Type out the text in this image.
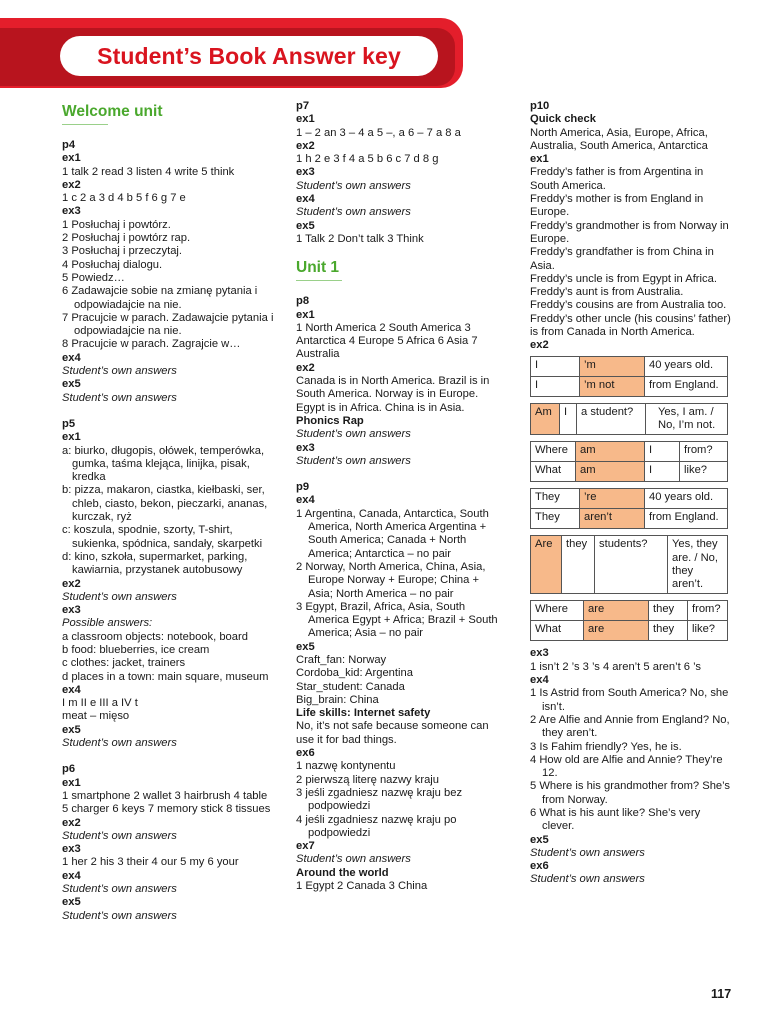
Student’s Book Answer key
Welcome unit
p4
ex1
1 talk 2 read 3 listen 4 write 5 think
ex2
1 c 2 a 3 d 4 b 5 f 6 g 7 e
ex3
1 Posłuchaj i powtórz.
2 Posłuchaj i powtórz rap.
3 Posłuchaj i przeczytaj.
4 Posłuchaj dialogu.
5 Powiedz…
6 Zadawajcie sobie na zmianę pytania i odpowiadajcie na nie.
7 Pracujcie w parach. Zadawajcie pytania i odpowiadajcie na nie.
8 Pracujcie w parach. Zagrajcie w…
ex4
Student’s own answers
ex5
Student’s own answers
p5
ex1
a: biurko, długopis, ołówek, temperówka, gumka, taśma klejąca, linijka, pisak, kredka
b: pizza, makaron, ciastka, kiełbaski, ser, chleb, ciasto, bekon, pieczarki, ananas, kurczak, ryż
c: koszula, spodnie, szorty, T-shirt, sukienka, spódnica, sandały, skarpetki
d: kino, szkoła, supermarket, parking, kawiarnia, przystanek autobusowy
ex2
Student’s own answers
ex3
Possible answers:
a classroom objects: notebook, board
b food: blueberries, ice cream
c clothes: jacket, trainers
d places in a town: main square, museum
ex4
I m II e III a IV t
meat – mięso
ex5
Student’s own answers
p6
ex1
1 smartphone 2 wallet 3 hairbrush 4 table 5 charger 6 keys 7 memory stick 8 tissues
ex2
Student’s own answers
ex3
1 her 2 his 3 their 4 our 5 my 6 your
ex4
Student’s own answers
ex5
Student’s own answers
p7
ex1
1 – 2 an 3 – 4 a 5 –, a 6 – 7 a 8 a
ex2
1 h 2 e 3 f 4 a 5 b 6 c 7 d 8 g
ex3
Student’s own answers
ex4
Student’s own answers
ex5
1 Talk 2 Don’t talk 3 Think
Unit 1
p8
ex1
1 North America 2 South America 3 Antarctica 4 Europe 5 Africa 6 Asia 7 Australia
ex2
Canada is in North America. Brazil is in South America. Norway is in Europe. Egypt is in Africa. China is in Asia.
Phonics Rap
Student’s own answers
ex3
Student’s own answers
p9
ex4
1 Argentina, Canada, Antarctica, South America, North America Argentina + South America; Canada + North America; Antarctica – no pair
2 Norway, North America, China, Asia, Europe Norway + Europe; China + Asia; North America – no pair
3 Egypt, Brazil, Africa, Asia, South America Egypt + Africa; Brazil + South America; Asia – no pair
ex5
Craft_fan: Norway
Cordoba_kid: Argentina
Star_student: Canada
Big_brain: China
Life skills: Internet safety
No, it’s not safe because someone can use it for bad things.
ex6
1 nazwę kontynentu
2 pierwszą literę nazwy kraju
3 jeśli zgadniesz nazwę kraju bez podpowiedzi
4 jeśli zgadniesz nazwę kraju po podpowiedzi
ex7
Student’s own answers
Around the world
1 Egypt 2 Canada 3 China
p10
Quick check
North America, Asia, Europe, Africa, Australia, South America, Antarctica
ex1
Freddy’s father is from Argentina in South America.
Freddy’s mother is from England in Europe.
Freddy’s grandmother is from Norway in Europe.
Freddy’s grandfather is from China in Asia.
Freddy’s uncle is from Egypt in Africa.
Freddy’s aunt is from Australia.
Freddy’s cousins are from Australia too.
Freddy’s other uncle (his cousins’ father) is from Canada in North America.
ex2
I	’m	40 years old.
I	’m not	from England.
Am	I	a student?	Yes, I am. / No, I’m not.
Where	am	I	from?
What	am	I	like?
They	’re	40 years old.
They	aren’t	from England.
Are	they	students?	Yes, they are. / No, they aren’t.
Where	are	they	from?
What	are	they	like?
ex3
1 isn’t 2 ’s 3 ’s 4 aren’t 5 aren’t 6 ’s
ex4
1 Is Astrid from South America? No, she isn’t.
2 Are Alfie and Annie from England? No, they aren’t.
3 Is Fahim friendly? Yes, he is.
4 How old are Alfie and Annie? They’re 12.
5 Where is his grandmother from? She’s from Norway.
6 What is his aunt like? She’s very clever.
ex5
Student’s own answers
ex6
Student’s own answers
117
